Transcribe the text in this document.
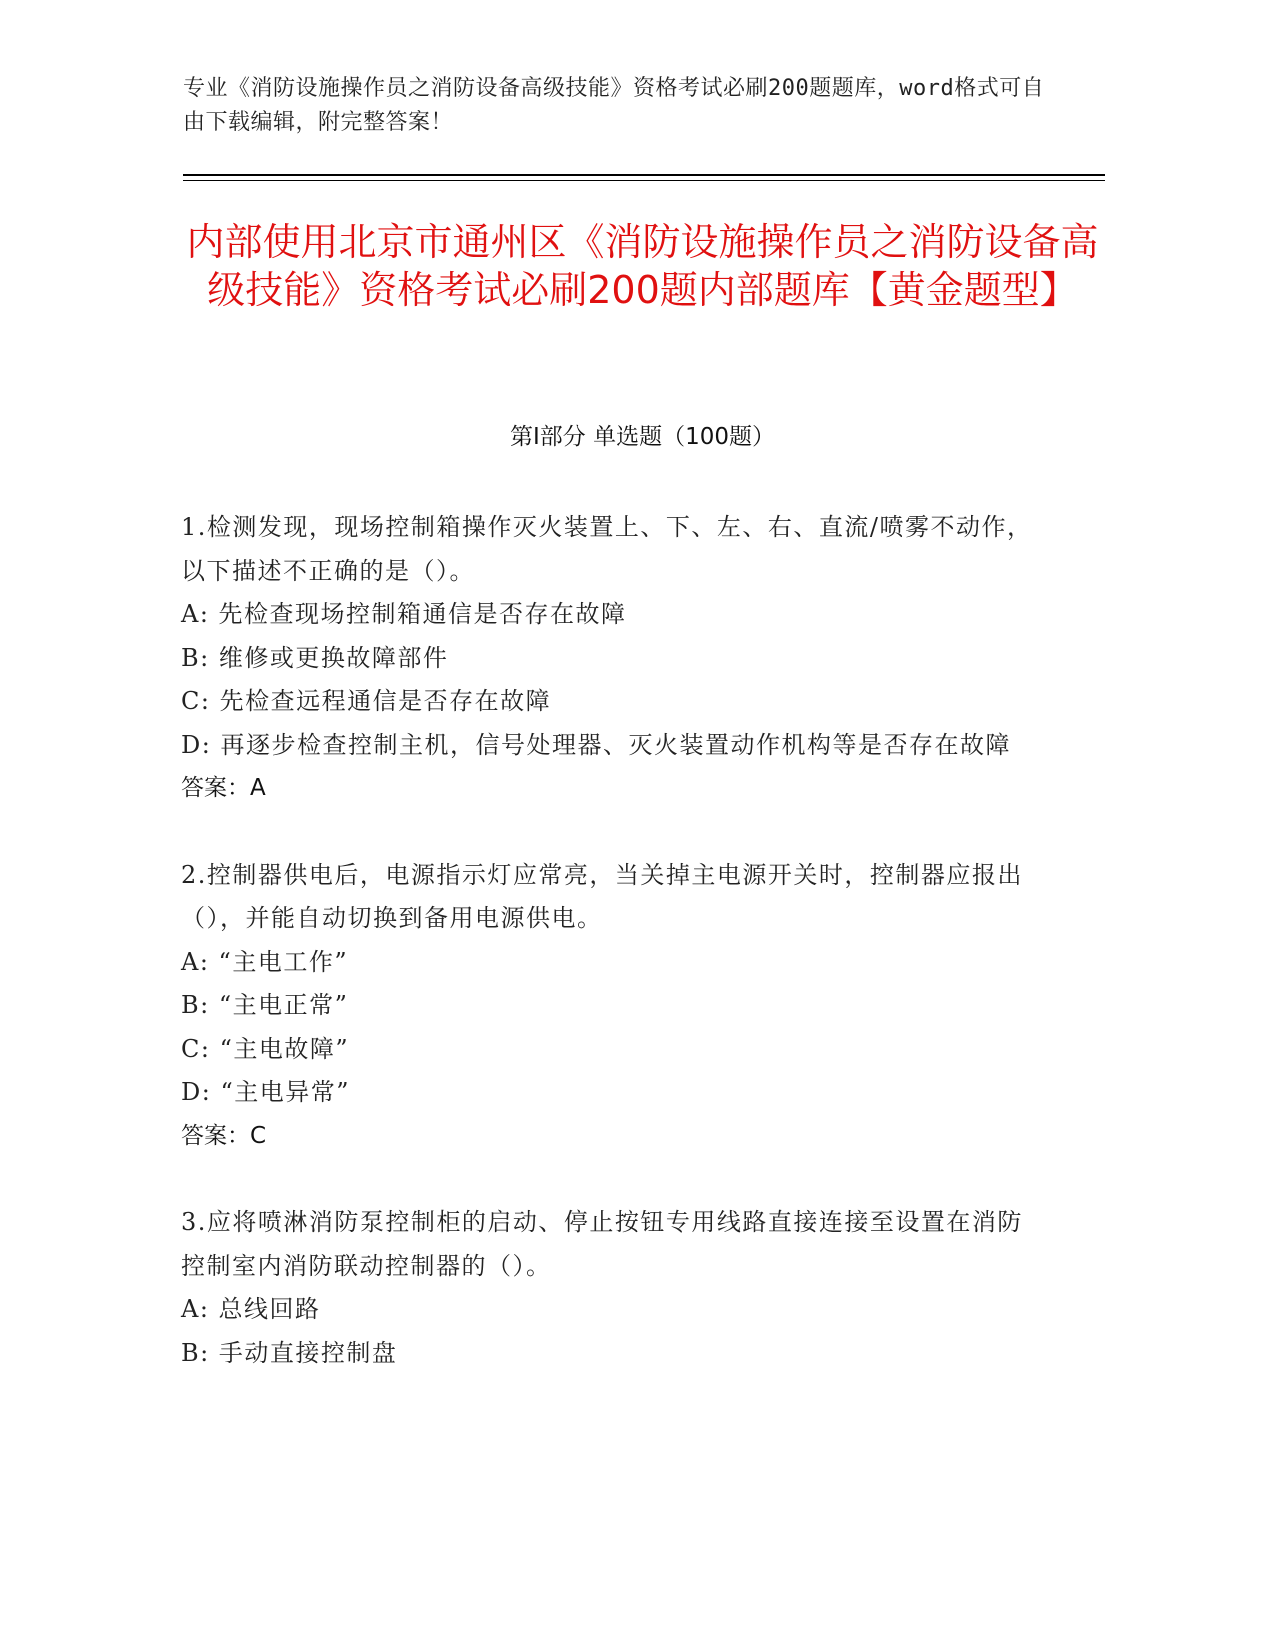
专业《消防设施操作员之消防设备高级技能》资格考试必刷200题题库，word格式可自由下载编辑，附完整答案！
内部使用北京市通州区《消防设施操作员之消防设备高级技能》资格考试必刷200题内部题库【黄金题型】
第Ⅰ部分 单选题（100题）

1.检测发现，现场控制箱操作灭火装置上、下、左、右、直流/喷雾不动作，以下描述不正确的是（）。

A: 先检查现场控制箱通信是否存在故障

B: 维修或更换故障部件

C: 先检查远程通信是否存在故障

D: 再逐步检查控制主机，信号处理器、灭火装置动作机构等是否存在故障

答案：A

2.控制器供电后，电源指示灯应常亮，当关掉主电源开关时，控制器应报出（），并能自动切换到备用电源供电。

A: “主电工作”

B: “主电正常”

C: “主电故障”

D: “主电异常”

答案：C

3.应将喷淋消防泵控制柜的启动、停止按钮专用线路直接连接至设置在消防控制室内消防联动控制器的（）。

A: 总线回路

B: 手动直接控制盘
